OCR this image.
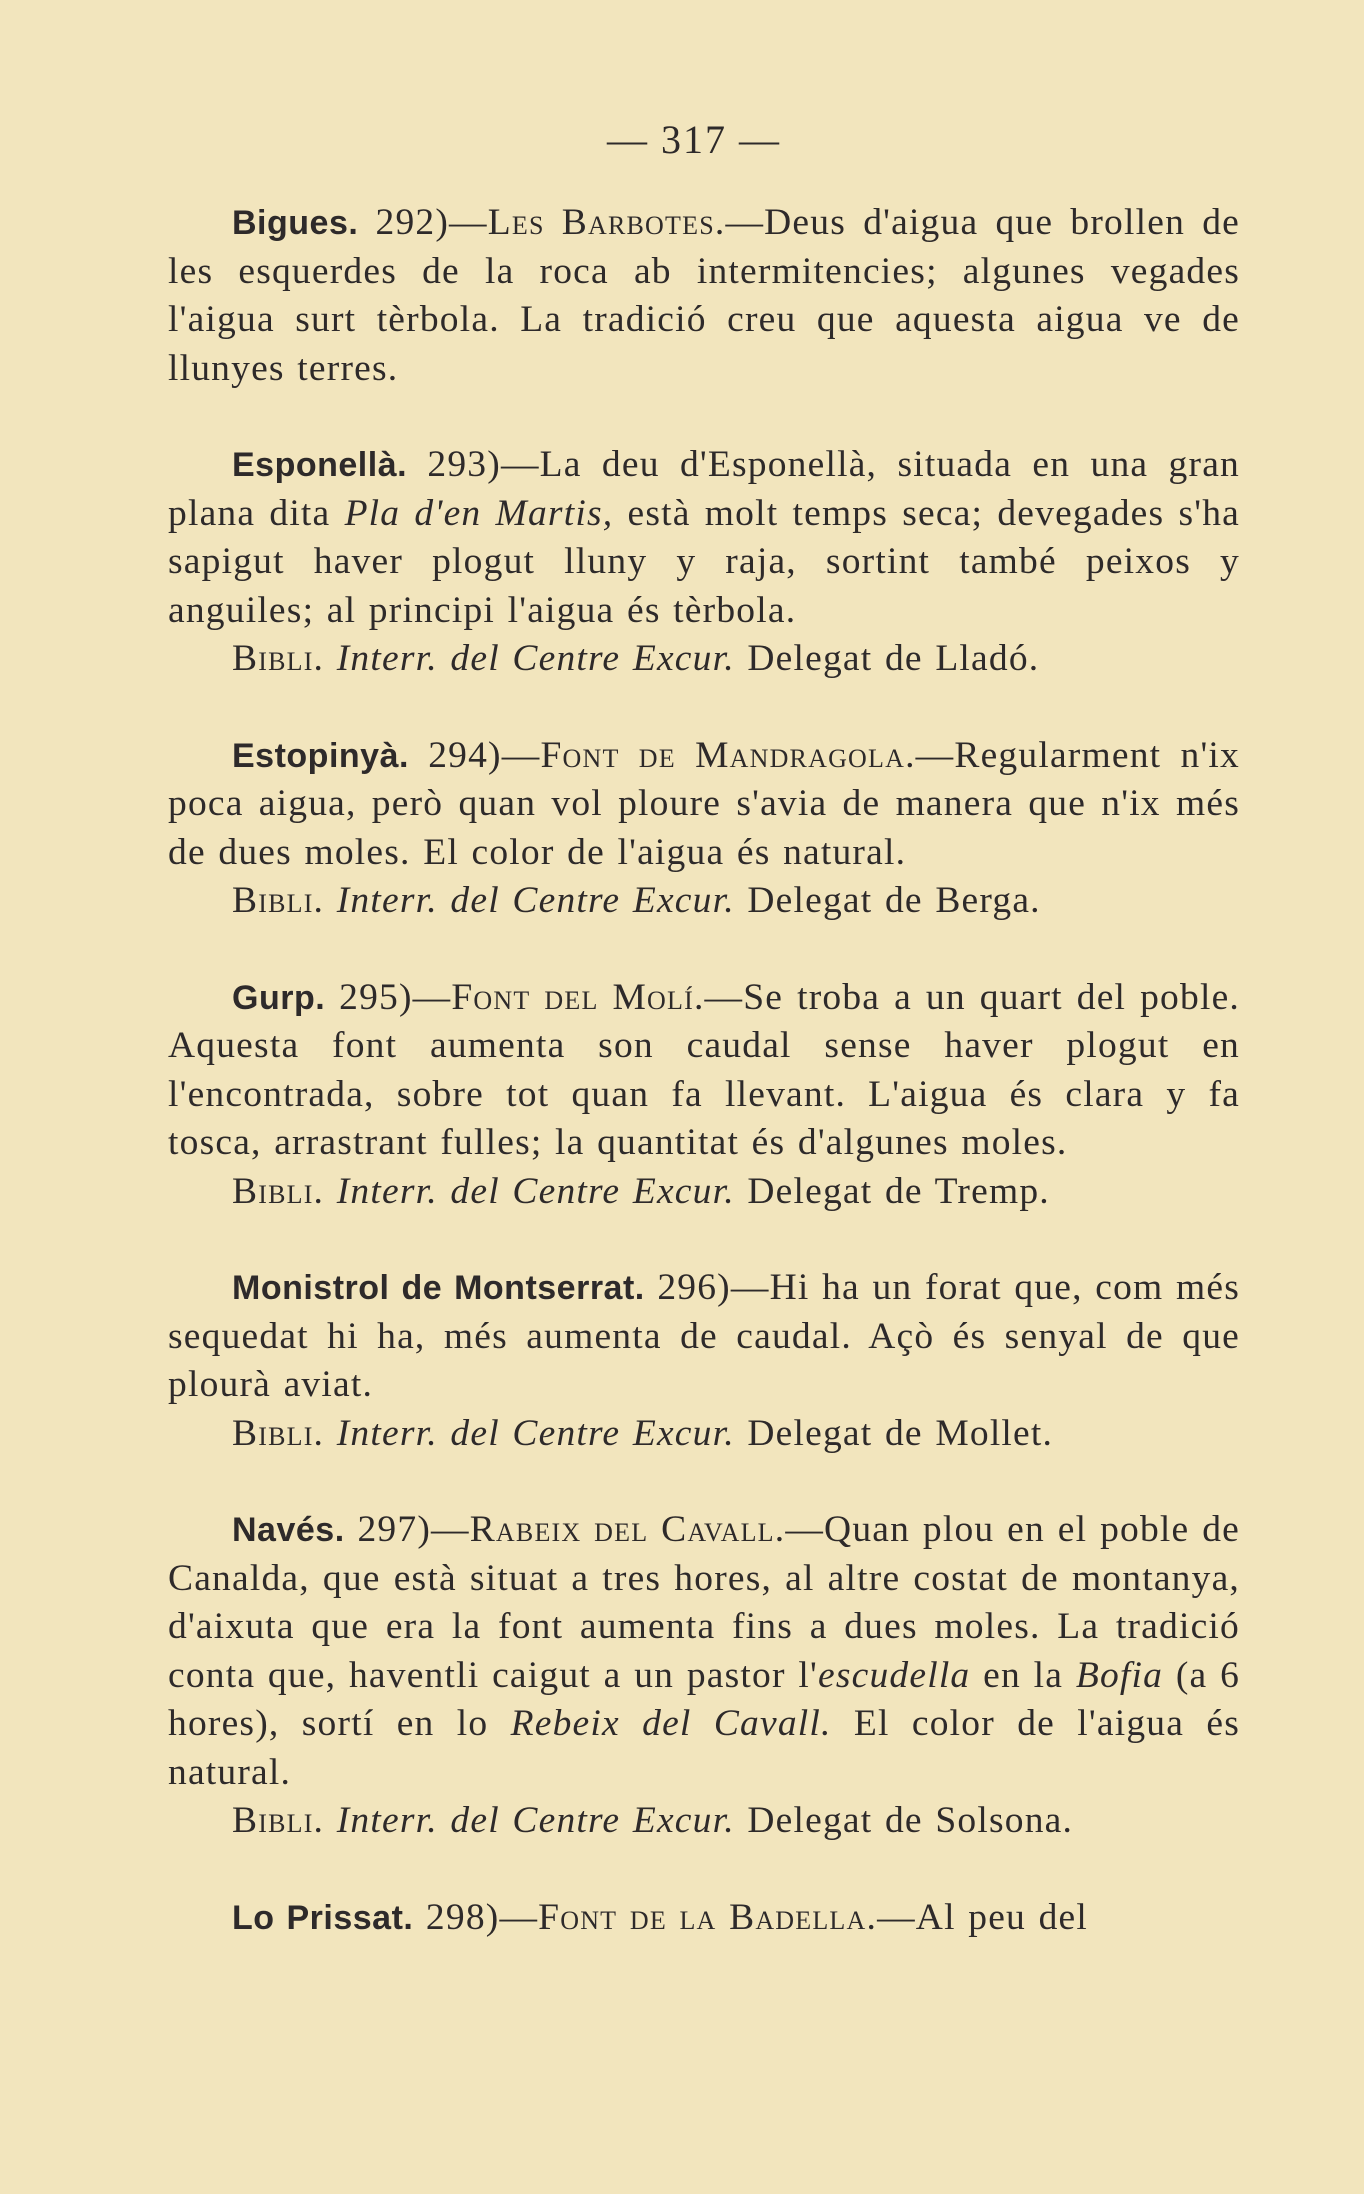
— 317 —

Bigues. 292)—Les Barbotes.—Deus d'aigua que brollen de les esquerdes de la roca ab intermitencies; algunes vegades l'aigua surt tèrbola. La tradició creu que aquesta aigua ve de llunyes terres.

Esponellà. 293)—La deu d'Esponellà, situada en una gran plana dita Pla d'en Martis, està molt temps seca; devegades s'ha sapigut haver plogut lluny y raja, sortint també peixos y anguiles; al principi l'aigua és tèrbola.

Bibli. Interr. del Centre Excur. Delegat de Lladó.

Estopinyà. 294)—Font de Mandragola.—Regularment n'ix poca aigua, però quan vol ploure s'avia de manera que n'ix més de dues moles. El color de l'aigua és natural.

Bibli. Interr. del Centre Excur. Delegat de Berga.

Gurp. 295)—Font del Molí.—Se troba a un quart del poble. Aquesta font aumenta son caudal sense haver plogut en l'encontrada, sobre tot quan fa llevant. L'aigua és clara y fa tosca, arrastrant fulles; la quantitat és d'algunes moles.

Bibli. Interr. del Centre Excur. Delegat de Tremp.

Monistrol de Montserrat. 296)—Hi ha un forat que, com més sequedat hi ha, més aumenta de caudal. Açò és senyal de que plourà aviat.

Bibli. Interr. del Centre Excur. Delegat de Mollet.

Navés. 297)—Rabeix del Cavall.—Quan plou en el poble de Canalda, que està situat a tres hores, al altre costat de montanya, d'aixuta que era la font aumenta fins a dues moles. La tradició conta que, haventli caigut a un pastor l'escudella en la Bofia (a 6 hores), sortí en lo Rebeix del Cavall. El color de l'aigua és natural.

Bibli. Interr. del Centre Excur. Delegat de Solsona.

Lo Prissat. 298)—Font de la Badella.—Al peu del
